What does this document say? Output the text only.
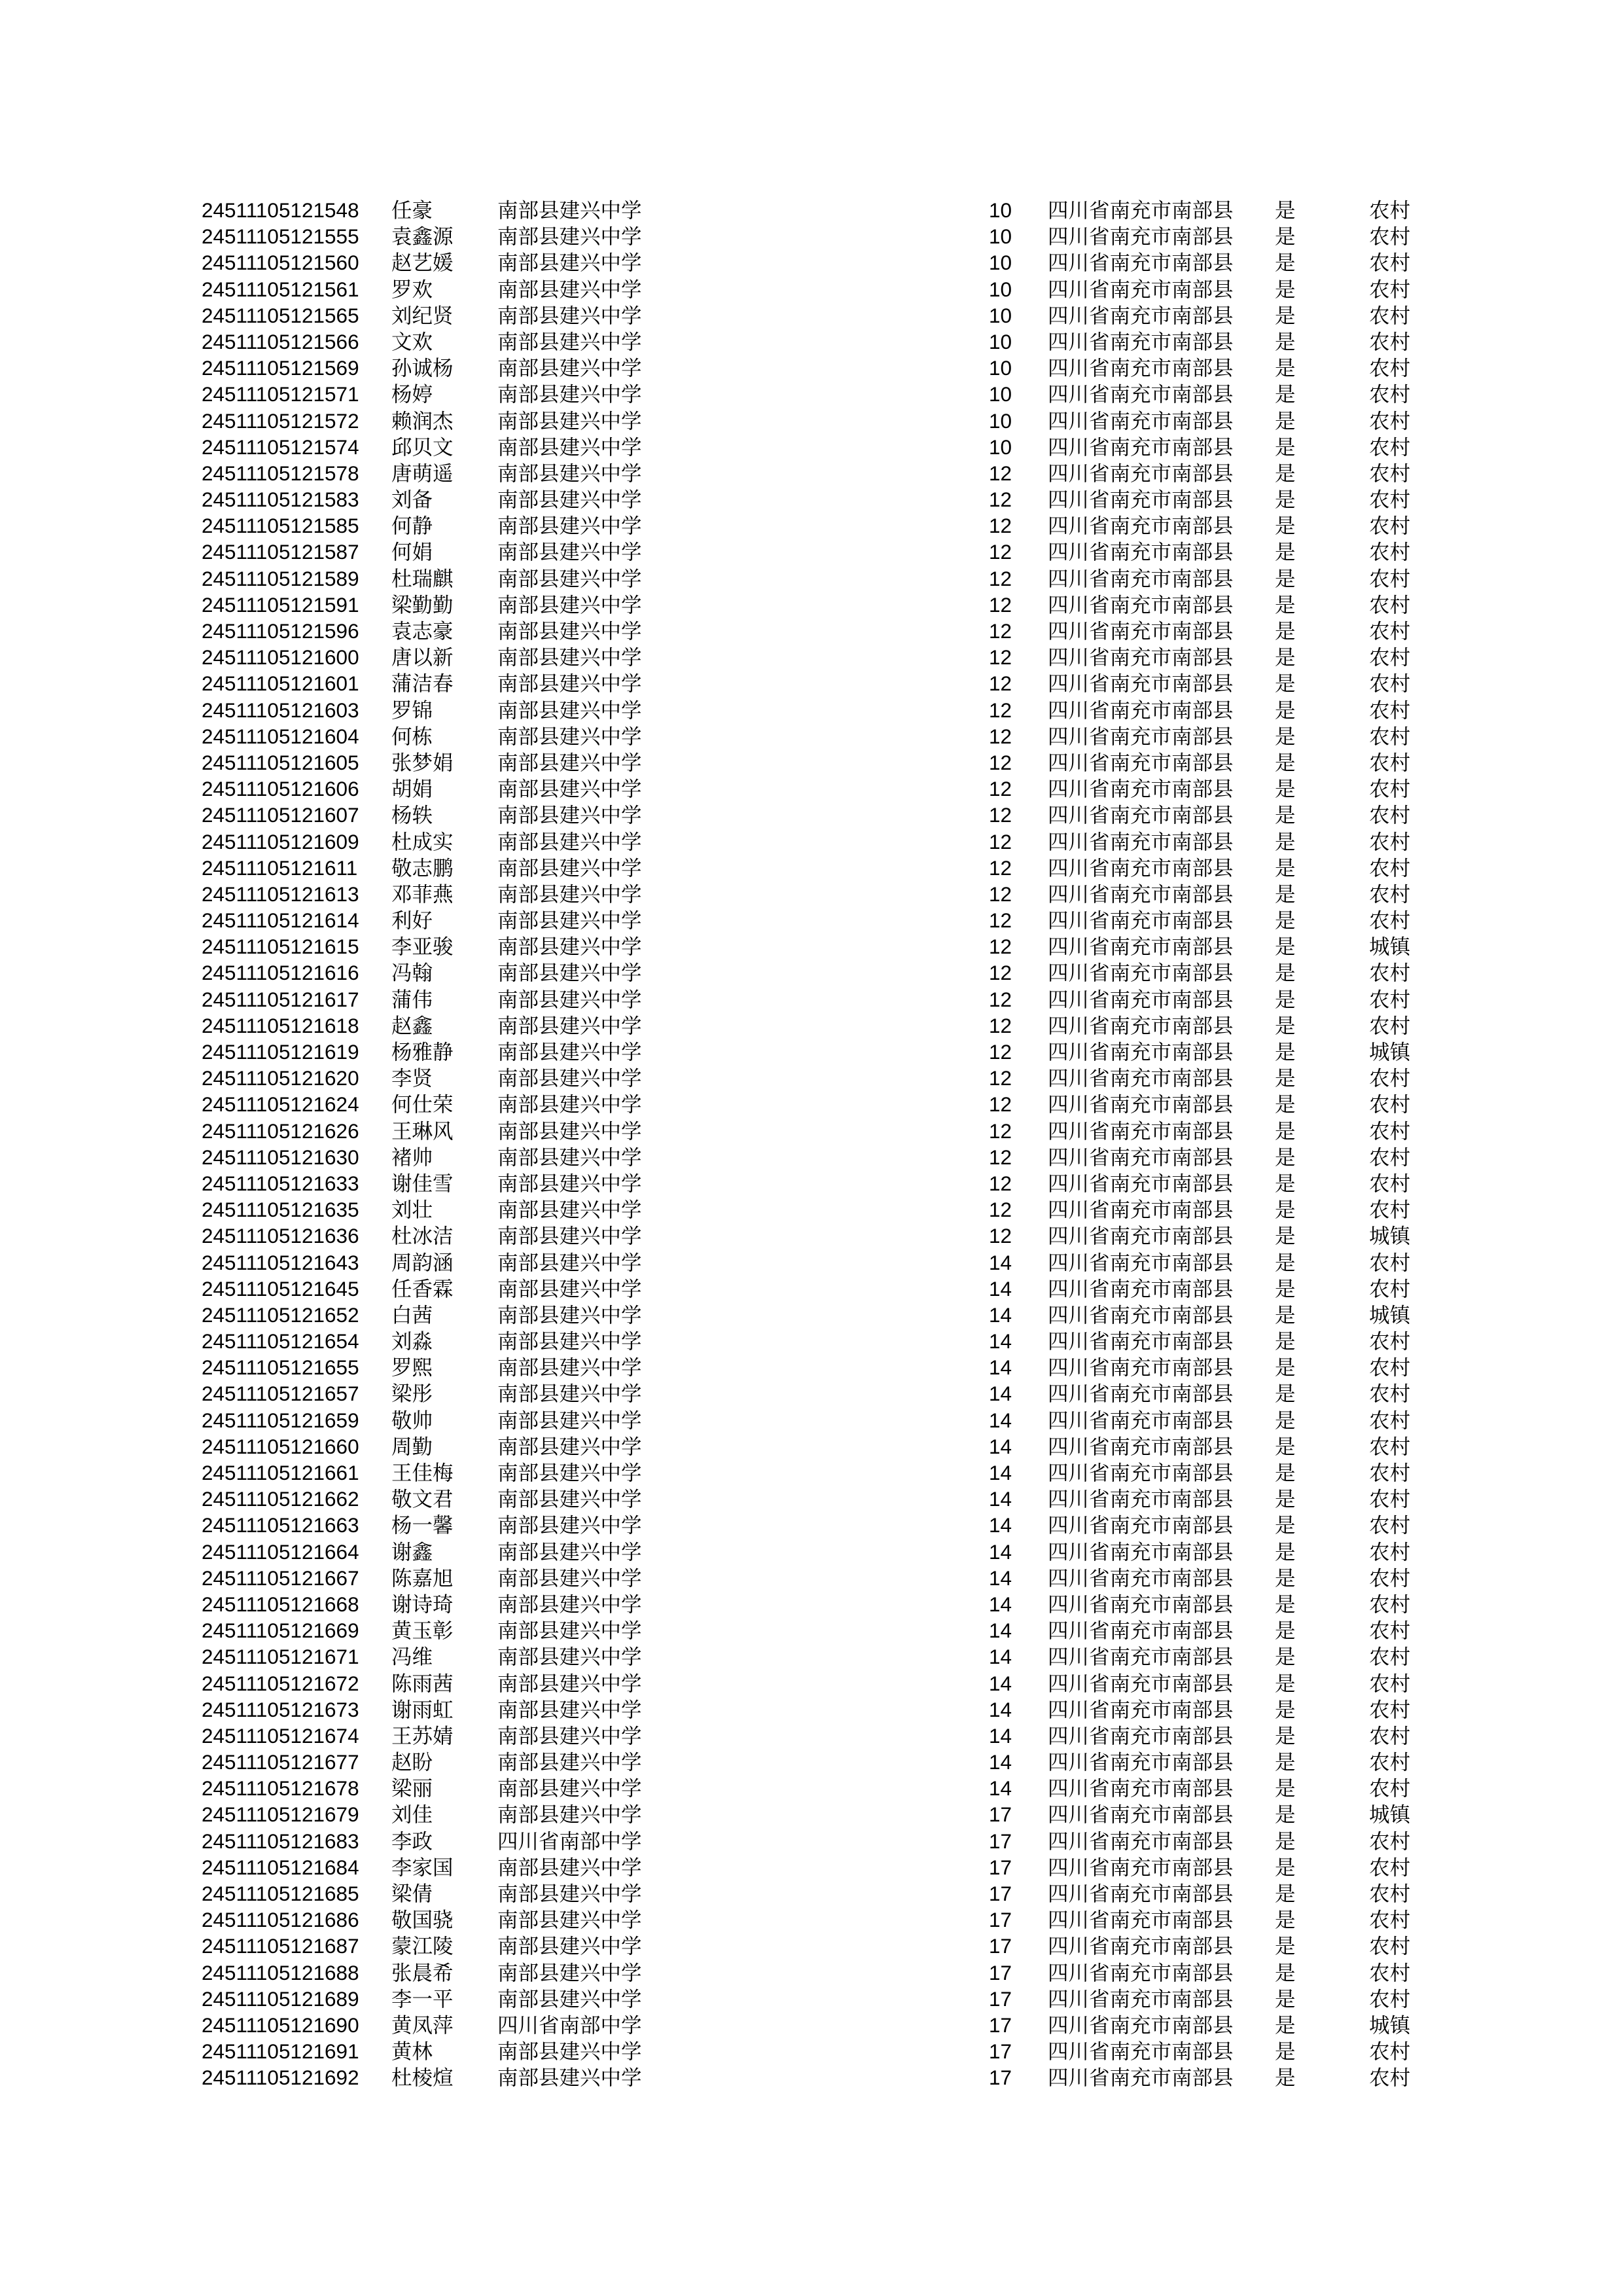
24511105121548 任豪	南部县建兴中学	10 四川省南充市南部县 是	农村
24511105121555 袁鑫源 南部县建兴中学	10 四川省南充市南部县 是	农村
24511105121560 赵艺媛 南部县建兴中学	10 四川省南充市南部县 是	农村
24511105121561 罗欢	南部县建兴中学	10 四川省南充市南部县 是	农村
24511105121565 刘纪贤 南部县建兴中学	10 四川省南充市南部县 是	农村
24511105121566 文欢	南部县建兴中学	10 四川省南充市南部县 是	农村
24511105121569 孙诚杨 南部县建兴中学	10 四川省南充市南部县 是	农村
24511105121571 杨婷	南部县建兴中学	10 四川省南充市南部县 是	农村
24511105121572 赖润杰 南部县建兴中学	10 四川省南充市南部县 是	农村
24511105121574 邱贝文 南部县建兴中学	10 四川省南充市南部县 是	农村
24511105121578 唐萌遥 南部县建兴中学	12 四川省南充市南部县 是	农村
24511105121583 刘备	南部县建兴中学	12 四川省南充市南部县 是	农村
24511105121585 何静	南部县建兴中学	12 四川省南充市南部县 是	农村
24511105121587 何娟	南部县建兴中学	12 四川省南充市南部县 是	农村
24511105121589 杜瑞麒 南部县建兴中学	12 四川省南充市南部县 是	农村
24511105121591 梁勤勤 南部县建兴中学	12 四川省南充市南部县 是	农村
24511105121596 袁志豪 南部县建兴中学	12 四川省南充市南部县 是	农村
24511105121600 唐以新 南部县建兴中学	12 四川省南充市南部县 是	农村
24511105121601 蒲洁春 南部县建兴中学	12 四川省南充市南部县 是	农村
24511105121603 罗锦	南部县建兴中学	12 四川省南充市南部县 是	农村
24511105121604 何栋	南部县建兴中学	12 四川省南充市南部县 是	农村
24511105121605 张梦娟 南部县建兴中学	12 四川省南充市南部县 是	农村
24511105121606 胡娟	南部县建兴中学	12 四川省南充市南部县 是	农村
24511105121607 杨轶	南部县建兴中学	12 四川省南充市南部县 是	农村
24511105121609 杜成实 南部县建兴中学	12 四川省南充市南部县 是	农村
24511105121611 敬志鹏 南部县建兴中学	12 四川省南充市南部县 是	农村
24511105121613 邓菲燕 南部县建兴中学	12 四川省南充市南部县 是	农村
24511105121614 利好	南部县建兴中学	12 四川省南充市南部县 是	农村
24511105121615 李亚骏 南部县建兴中学	12 四川省南充市南部县 是	城镇
24511105121616 冯翰	南部县建兴中学	12 四川省南充市南部县 是	农村
24511105121617 蒲伟	南部县建兴中学	12 四川省南充市南部县 是	农村
24511105121618 赵鑫	南部县建兴中学	12 四川省南充市南部县 是	农村
24511105121619 杨雅静 南部县建兴中学	12 四川省南充市南部县 是	城镇
24511105121620 李贤	南部县建兴中学	12 四川省南充市南部县 是	农村
24511105121624 何仕荣 南部县建兴中学	12 四川省南充市南部县 是	农村
24511105121626 王琳风 南部县建兴中学	12 四川省南充市南部县 是	农村
24511105121630 褚帅	南部县建兴中学	12 四川省南充市南部县 是	农村
24511105121633 谢佳雪 南部县建兴中学	12 四川省南充市南部县 是	农村
24511105121635 刘壮	南部县建兴中学	12 四川省南充市南部县 是	农村
24511105121636 杜冰洁 南部县建兴中学	12 四川省南充市南部县 是	城镇
24511105121643 周韵涵 南部县建兴中学	14 四川省南充市南部县 是	农村
24511105121645 任香霖 南部县建兴中学	14 四川省南充市南部县 是	农村
24511105121652 白茜	南部县建兴中学	14 四川省南充市南部县 是	城镇
24511105121654 刘淼	南部县建兴中学	14 四川省南充市南部县 是	农村
24511105121655 罗熙	南部县建兴中学	14 四川省南充市南部县 是	农村
24511105121657 梁彤	南部县建兴中学	14 四川省南充市南部县 是	农村
24511105121659 敬帅	南部县建兴中学	14 四川省南充市南部县 是	农村
24511105121660 周勤	南部县建兴中学	14 四川省南充市南部县 是	农村
24511105121661 王佳梅 南部县建兴中学	14 四川省南充市南部县 是	农村
24511105121662 敬文君 南部县建兴中学	14 四川省南充市南部县 是	农村
24511105121663 杨一馨 南部县建兴中学	14 四川省南充市南部县 是	农村
24511105121664 谢鑫	南部县建兴中学	14 四川省南充市南部县 是	农村
24511105121667 陈嘉旭 南部县建兴中学	14 四川省南充市南部县 是	农村
24511105121668 谢诗琦 南部县建兴中学	14 四川省南充市南部县 是	农村
24511105121669 黄玉彰 南部县建兴中学	14 四川省南充市南部县 是	农村
24511105121671 冯维	南部县建兴中学	14 四川省南充市南部县 是	农村
24511105121672 陈雨茜 南部县建兴中学	14 四川省南充市南部县 是	农村
24511105121673 谢雨虹 南部县建兴中学	14 四川省南充市南部县 是	农村
24511105121674 王苏婧 南部县建兴中学	14 四川省南充市南部县 是	农村
24511105121677 赵盼	南部县建兴中学	14 四川省南充市南部县 是	农村
24511105121678 梁丽	南部县建兴中学	14 四川省南充市南部县 是	农村
24511105121679 刘佳	南部县建兴中学	17 四川省南充市南部县 是	城镇
24511105121683 李政	四川省南部中学	17 四川省南充市南部县 是	农村
24511105121684 李家国 南部县建兴中学	17 四川省南充市南部县 是	农村
24511105121685 梁倩	南部县建兴中学	17 四川省南充市南部县 是	农村
24511105121686 敬国骁 南部县建兴中学	17 四川省南充市南部县 是	农村
24511105121687 蒙江陵 南部县建兴中学	17 四川省南充市南部县 是	农村
24511105121688 张晨希 南部县建兴中学	17 四川省南充市南部县 是	农村
24511105121689 李一平 南部县建兴中学	17 四川省南充市南部县 是	农村
24511105121690 黄凤萍 四川省南部中学	17 四川省南充市南部县 是	城镇
24511105121691 黄林	南部县建兴中学	17 四川省南充市南部县 是	农村
24511105121692 杜棱煊 南部县建兴中学	17 四川省南充市南部县 是	农村
